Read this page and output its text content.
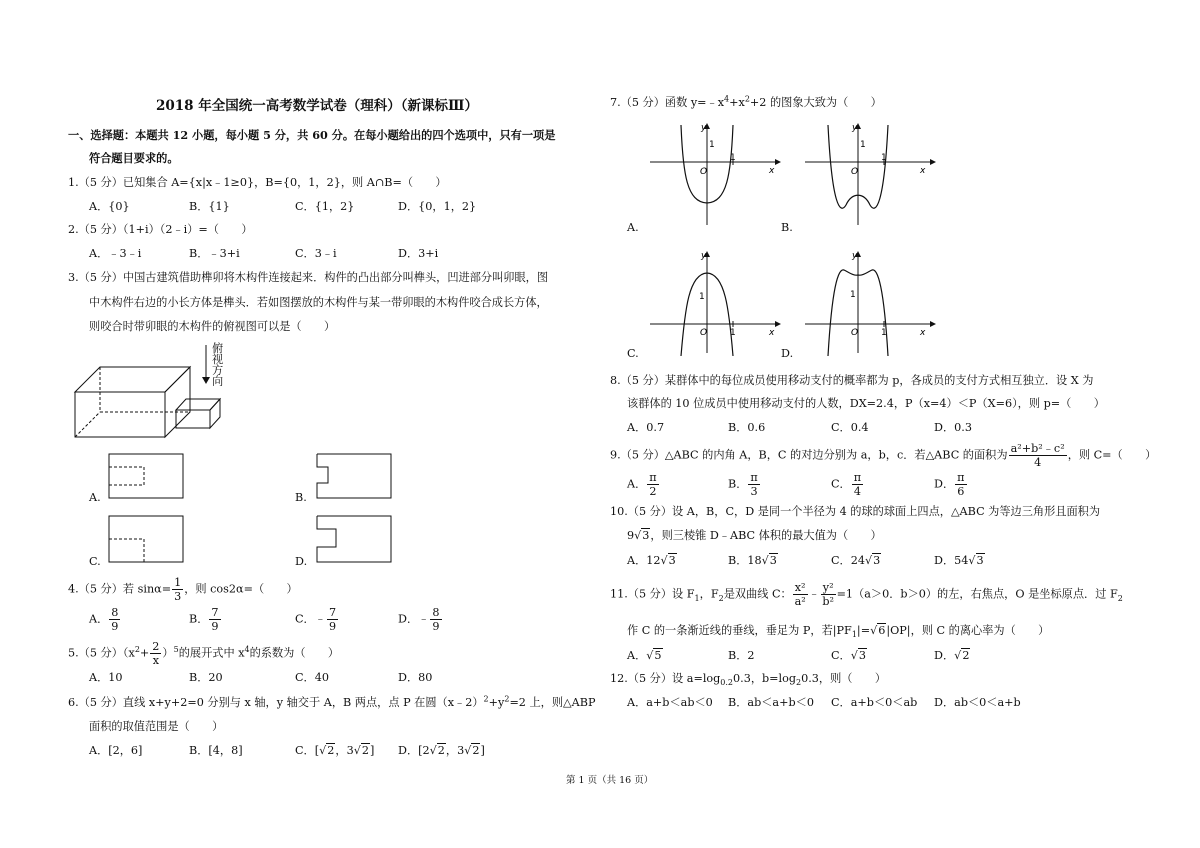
2018 年全国统一高考数学试卷（理科）（新课标Ⅲ）
一、选择题：本题共 12 小题，每小题 5 分，共 60 分。在每小题给出的四个选项中，只有一项是
符合题目要求的。
1.（5 分）已知集合 A={x|x﹣1≥0}，B={0，1，2}，则 A∩B=（　　）
A．{0}	B．{1}	C．{1，2}	D．{0，1，2}
2.（5 分）（1+i）（2﹣i）=（　　）
A．﹣3﹣i	B．﹣3+i	C．3﹣i	D．3+i
3.（5 分）中国古建筑借助榫卯将木构件连接起来．构件的凸出部分叫榫头，凹进部分叫卯眼，图
中木构件右边的小长方体是榫头．若如图摆放的木构件与某一带卯眼的木构件咬合成长方体，
则咬合时带卯眼的木构件的俯视图可以是（　　）
俯
视
方
向
A.	B.
C.	D.
4.（5 分）若 $\sin\alpha= \frac{1}{3}$ ，则 cos2α=（　　）
A． $\frac{8}{9}$	B． $\frac{7}{9}$	C．﹣ $\frac{7}{9}$	D．﹣ $\frac{8}{9}$
5.（5 分）$(x^2+ \frac{2}{x} )^5$的展开式中 $x^4$的系数为（　　）
A．10	B．20	C．40	D．80
6.（5 分）直线 x+y+2=0 分别与 x 轴，y 轴交于 A，B 两点，点 P 在圆$(x﹣2)^2+y^2=2$ 上，则△ABP
面积的取值范围是（　　）
A．[2，6]	B．[4，8]	C．[√2，3√2] D．[2√2，3√2]
7.（5 分）函数 $y=﹣x^4+x^2+2$ 的图象大致为（　　）
y
x
O
1
1
A.
y
x
O
1
1
B.
y
x
O	1
1
C.
y
x
O	1
1
D.
8.（5 分）某群体中的每位成员使用移动支付的概率都为 p，各成员的支付方式相互独立．设 X 为
该群体的 10 位成员中使用移动支付的人数，DX=2.4，P（x=4）＜P（X=6），则 p=（　　）
A．0.7	B．0.6	C．0.4	D．0.3
9.（5 分）△ABC 的内角 A，B，C 的对边分别为 a，b，c．若△ABC 的面积为 $\frac{\text{a²+b²﹣c²}}{4}$ ，则 C=（　　）
A． $\frac{\pi}{2}$	B． $\frac{\pi}{3}$	C． $\frac{\pi}{4}$	D． $\frac{\pi}{6}$
10.（5 分）设 A，B，C，D 是同一个半径为 4 的球的球面上四点，△ABC 为等边三角形且面积为
9√3，则三棱锥 D﹣ABC 体积的最大值为（　　）
A．12√3	B．18√3	C．24√3	D．54√3
11.（5 分）设 $F_1$，$F_2$是双曲线 C： $\frac{\text{x²}}{\text{a²}}$ ﹣ $\frac{\text{y²}}{\text{b²}} =1(a>0$．b＞0）的左，右焦点，O 是坐标原点．过 $F_2$
作 C 的一条渐近线的垂线，垂足为 P，若$|PF_1|=√6|OP|$，则 C 的离心率为（　　）
A．√5	B．2	C．√3	D．√2
12.（5 分）设 $a=\log_{0.2}0.3$，$b=\log_20.3$，则（　　）
A．a+b＜ab＜0 B．ab＜a+b＜0 C．a+b＜0＜ab D．ab＜0＜a+b
第 1 页（共 16 页）
